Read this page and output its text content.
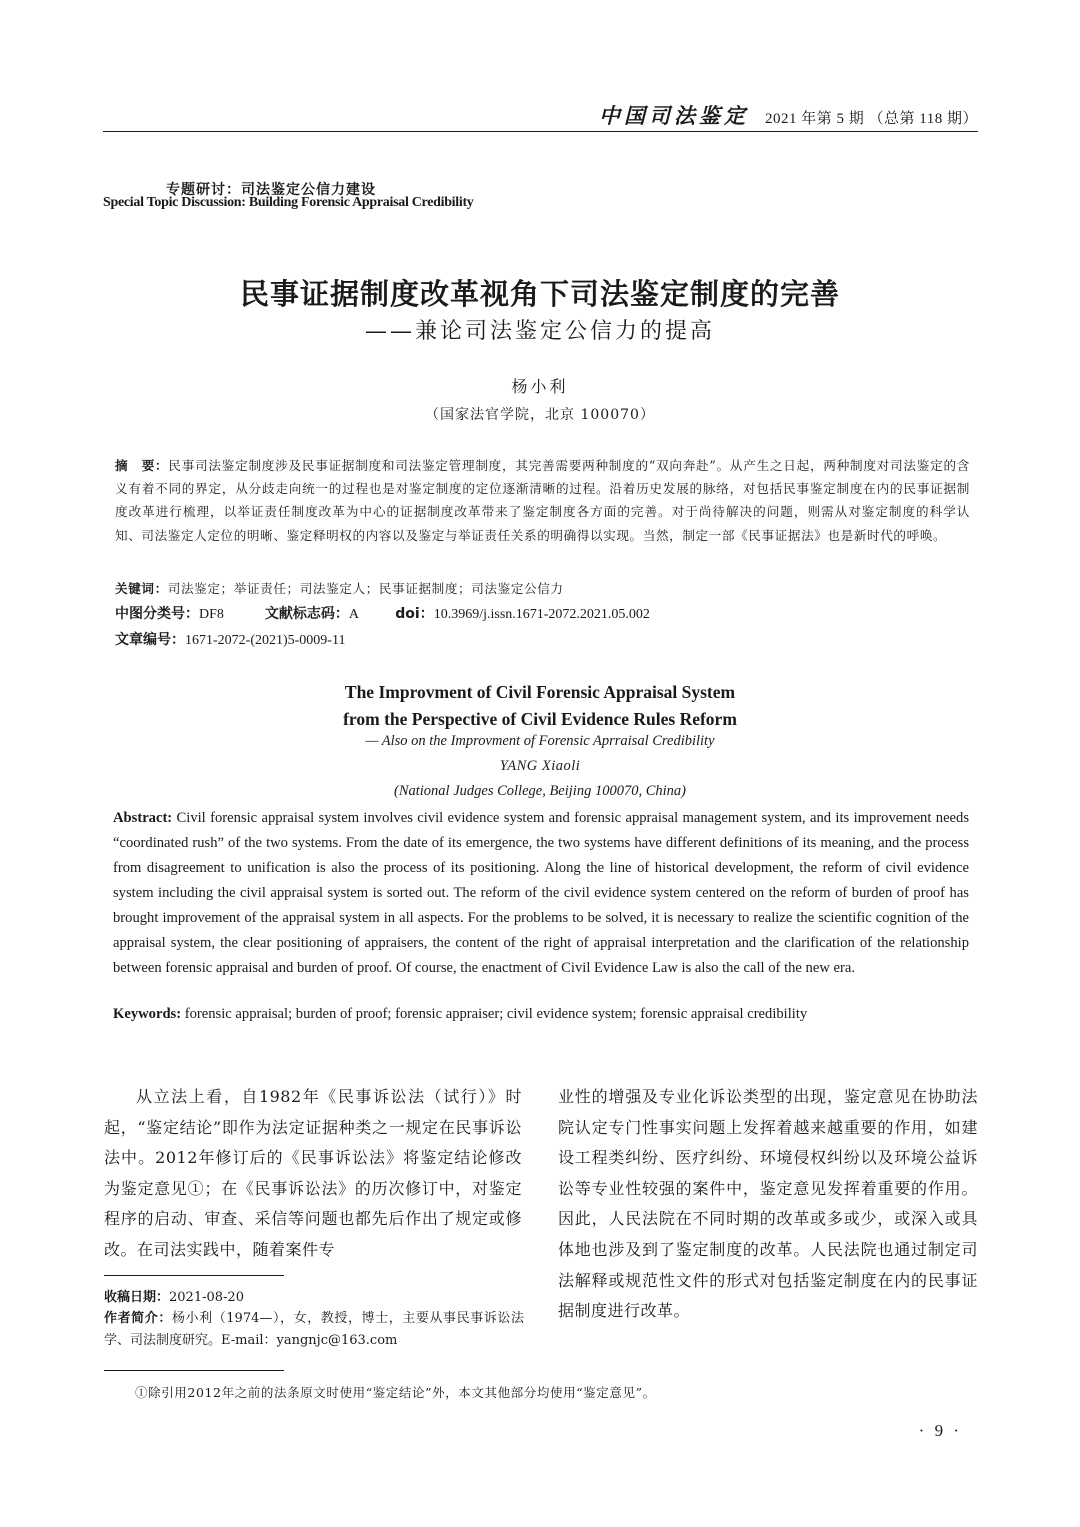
中国司法鉴定 2021 年第 5 期 （总第 118 期）
专题研讨：司法鉴定公信力建设
Special Topic Discussion: Building Forensic Appraisal Credibility
民事证据制度改革视角下司法鉴定制度的完善
——兼论司法鉴定公信力的提高
杨小利
（国家法官学院，北京 100070）
摘　要：民事司法鉴定制度涉及民事证据制度和司法鉴定管理制度，其完善需要两种制度的“双向奔赴”。从产生之日起，两种制度对司法鉴定的含义有着不同的界定，从分歧走向统一的过程也是对鉴定制度的定位逐渐清晰的过程。沿着历史发展的脉络，对包括民事鉴定制度在内的民事证据制度改革进行梳理，以举证责任制度改革为中心的证据制度改革带来了鉴定制度各方面的完善。对于尚待解决的问题，则需从对鉴定制度的科学认知、司法鉴定人定位的明晰、鉴定释明权的内容以及鉴定与举证责任关系的明确得以实现。当然，制定一部《民事证据法》也是新时代的呼唤。
关键词：司法鉴定；举证责任；司法鉴定人；民事证据制度；司法鉴定公信力
中图分类号：DF8	文献标志码：A	doi：10.3969/j.issn.1671-2072.2021.05.002
文章编号：1671-2072-(2021)5-0009-11
The Improvment of Civil Forensic Appraisal System
from the Perspective of Civil Evidence Rules Reform
— Also on the Improvment of Forensic Aprraisal Credibility
YANG Xiaoli
(National Judges College, Beijing 100070, China)
Abstract: Civil forensic appraisal system involves civil evidence system and forensic appraisal management system, and its improvement needs “coordinated rush” of the two systems. From the date of its emergence, the two systems have different definitions of its meaning, and the process from disagreement to unification is also the process of its positioning. Along the line of historical development, the reform of civil evidence system including the civil appraisal system is sorted out. The reform of the civil evidence system centered on the reform of burden of proof has brought improvement of the appraisal system in all aspects. For the problems to be solved, it is necessary to realize the scientific cognition of the appraisal system, the clear positioning of appraisers, the content of the right of appraisal interpretation and the clarification of the relationship between forensic appraisal and burden of proof. Of course, the enactment of Civil Evidence Law is also the call of the new era.
Keywords: forensic appraisal; burden of proof; forensic appraiser; civil evidence system; forensic appraisal credibility
从立法上看，自1982年《民事诉讼法（试行）》时起，“鉴定结论”即作为法定证据种类之一规定在民事诉讼法中。2012年修订后的《民事诉讼法》将鉴定结论修改为鉴定意见①；在《民事诉讼法》的历次修订中，对鉴定程序的启动、审查、采信等问题也都先后作出了规定或修改。在司法实践中，随着案件专
业性的增强及专业化诉讼类型的出现，鉴定意见在协助法院认定专门性事实问题上发挥着越来越重要的作用，如建设工程类纠纷、医疗纠纷、环境侵权纠纷以及环境公益诉讼等专业性较强的案件中，鉴定意见发挥着重要的作用。因此，人民法院在不同时期的改革或多或少，或深入或具体地也涉及到了鉴定制度的改革。人民法院也通过制定司法解释或规范性文件的形式对包括鉴定制度在内的民事证据制度进行改革。
收稿日期：2021-08-20
作者简介：杨小利（1974—），女，教授，博士，主要从事民事诉讼法学、司法制度研究。E-mail：yangnjc@163.com
①除引用2012年之前的法条原文时使用“鉴定结论”外，本文其他部分均使用“鉴定意见”。
· 9 ·
